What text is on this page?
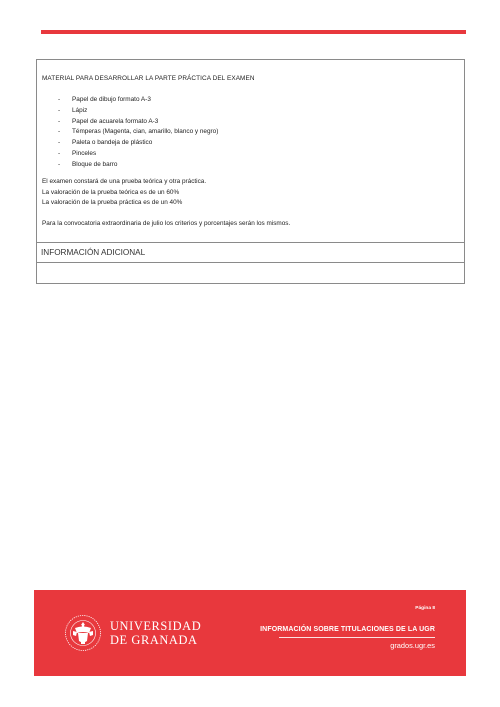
MATERIAL PARA DESARROLLAR LA PARTE PRÁCTICA DEL EXAMEN
- Papel de dibujo formato A-3
- Lápiz
- Papel de acuarela formato A-3
- Témperas (Magenta, cian, amarillo, blanco y negro)
- Paleta o bandeja de plástico
- Pinceles
- Bloque de barro
El examen constará de una prueba teórica y otra práctica.
La valoración de la prueba teórica es de un 60%
La valoración de la prueba práctica es de un 40%
Para la convocatoria extraordinaria de julio los criterios y porcentajes serán los mismos.
INFORMACIÓN ADICIONAL
UNIVERSIDAD
DE GRANADA
Página 8
INFORMACIÓN SOBRE TITULACIONES DE LA UGR
grados.ugr.es
